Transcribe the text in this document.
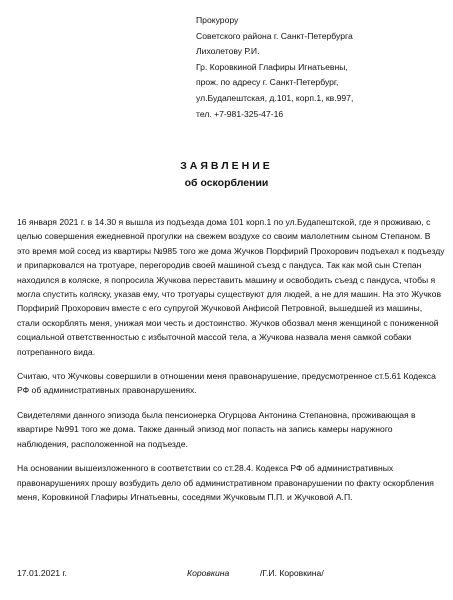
Прокурору
Советского района г. Санкт-Петербурга
Лихолетову Р.И.
Гр. Коровкиной Глафиры Игнатьевны,
прож. по адресу г. Санкт-Петербург,
ул.Будапештская, д.101, корп.1, кв.997,
тел. +7-981-325-47-16
ЗАЯВЛЕНИЕ
об оскорблении

16 января 2021 г. в 14.30 я вышла из подъезда дома 101 корп.1 по ул.Будапештской, где я проживаю, с целью совершения ежедневной прогулки на свежем воздухе со своим малолетним сыном Степаном. В это время мой сосед из квартиры №985 того же дома Жучков Порфирий Прохорович подъехал к подъезду и припарковался на тротуаре, перегородив своей машиной съезд с пандуса. Так как мой сын Степан находился в коляске, я попросила Жучкова переставить машину и освободить съезд с пандуса, чтобы я могла спустить коляску, указав ему, что тротуары существуют для людей, а не для машин. На это Жучков Порфирий Прохорович вместе с его супругой Жучковой Анфисой Петровной, вышедшей из машины, стали оскорблять меня, унижая мои честь и достоинство. Жучков обозвал меня женщиной с пониженной социальной ответственностью с избыточной массой тела, а Жучкова назвала меня самкой собаки потрепанного вида.

Считаю, что Жучковы совершили в отношении меня правонарушение, предусмотренное ст.5.61 Кодекса РФ об административных правонарушениях.

Свидетелями данного эпизода была пенсионерка Огурцова Антонина Степановна, проживающая в квартире №991 того же дома. Также данный эпизод мог попасть на запись камеры наружного наблюдения, расположенной на подъезде.

На основании вышеизложенного в соответствии со ст.28.4. Кодекса РФ об административных правонарушениях прошу возбудить дело об административном правонарушении по факту оскорбления меня, Коровкиной Глафиры Игнатьевны, соседями Жучковым П.П. и Жучковой А.П.

17.01.2021 г.	Коровкина	/Г.И. Коровкина/
